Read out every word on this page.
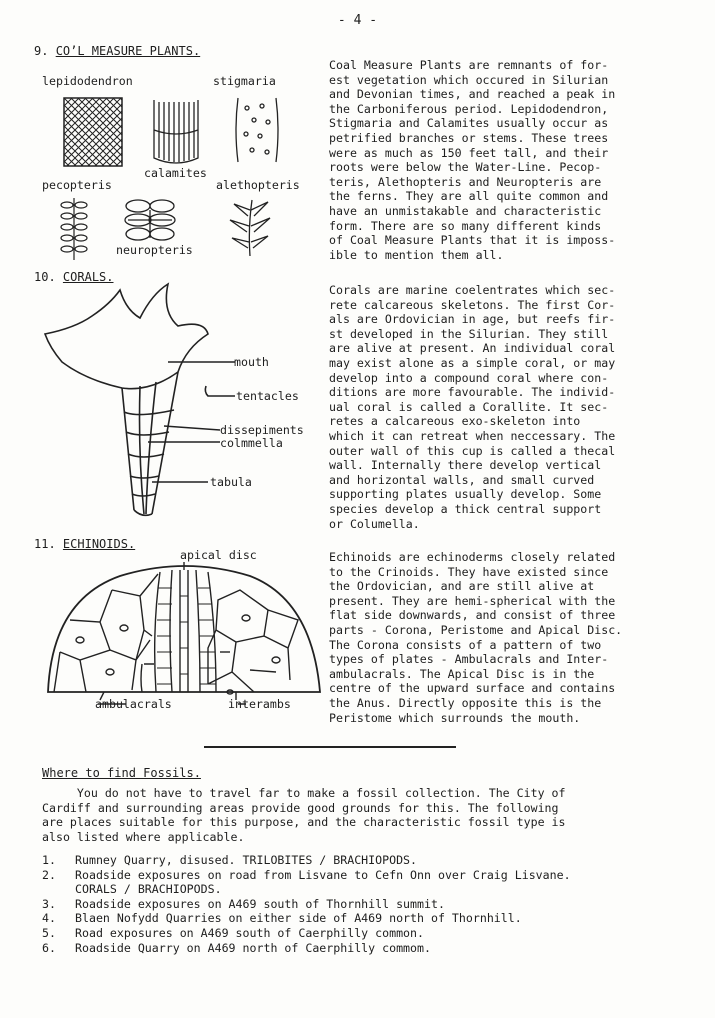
- 4 -
9. CO’L MEASURE PLANTS.
lepidodendron	stigmaria
calamites
pecopteris	alethopteris
neuropteris
Coal Measure Plants are remnants of for-
est vegetation which occured in Silurian
and Devonian times, and reached a peak in
the Carboniferous period. Lepidodendron,
Stigmaria and Calamites usually occur as
petrified branches or stems. These trees
were as much as 150 feet tall, and their
roots were below the Water-Line. Pecop-
teris, Alethopteris and Neuropteris are
the ferns. They are all quite common and
have an unmistakable and characteristic
form. There are so many different kinds
of Coal Measure Plants that it is imposs-
ible to mention them all.
10. CORALS.
mouth
tentacles
dissepiments
colmmella
tabula
Corals are marine coelentrates which sec-
rete calcareous skeletons. The first Cor-
als are Ordovician in age, but reefs fir-
st developed in the Silurian. They still
are alive at present. An individual coral
may exist alone as a simple coral, or may
develop into a compound coral where con-
ditions are more favourable. The individ-
ual coral is called a Corallite. It sec-
retes a calcareous exo-skeleton into
which it can retreat when neccessary. The
outer wall of this cup is called a thecal
wall. Internally there develop vertical
and horizontal walls, and small curved
supporting plates usually develop. Some
species develop a thick central support
or Columella.
11. ECHINOIDS.
apical disc
ambulacrals	interambs
Echinoids are echinoderms closely related
to the Crinoids. They have existed since
the Ordovician, and are still alive at
present. They are hemi-spherical with the
flat side downwards, and consist of three
parts - Corona, Peristome and Apical Disc.
The Corona consists of a pattern of two
types of plates - Ambulacrals and Inter-
ambulacrals. The Apical Disc is in the
centre of the upward surface and contains
the Anus. Directly opposite this is the
Peristome which surrounds the mouth.
Where to find Fossils.
You do not have to travel far to make a fossil collection. The City of
Cardiff and surrounding areas provide good grounds for this. The following
are places suitable for this purpose, and the characteristic fossil type is
also listed where applicable.
1. Rumney Quarry, disused. TRILOBITES / BRACHIOPODS.
2. Roadside exposures on road from Lisvane to Cefn Onn over Craig Lisvane.
CORALS / BRACHIOPODS.
3. Roadside exposures on A469 south of Thornhill summit.
4. Blaen Nofydd Quarries on either side of A469 north of Thornhill.
5. Road exposures on A469 south of Caerphilly common.
6. Roadside Quarry on A469 north of Caerphilly commom.
